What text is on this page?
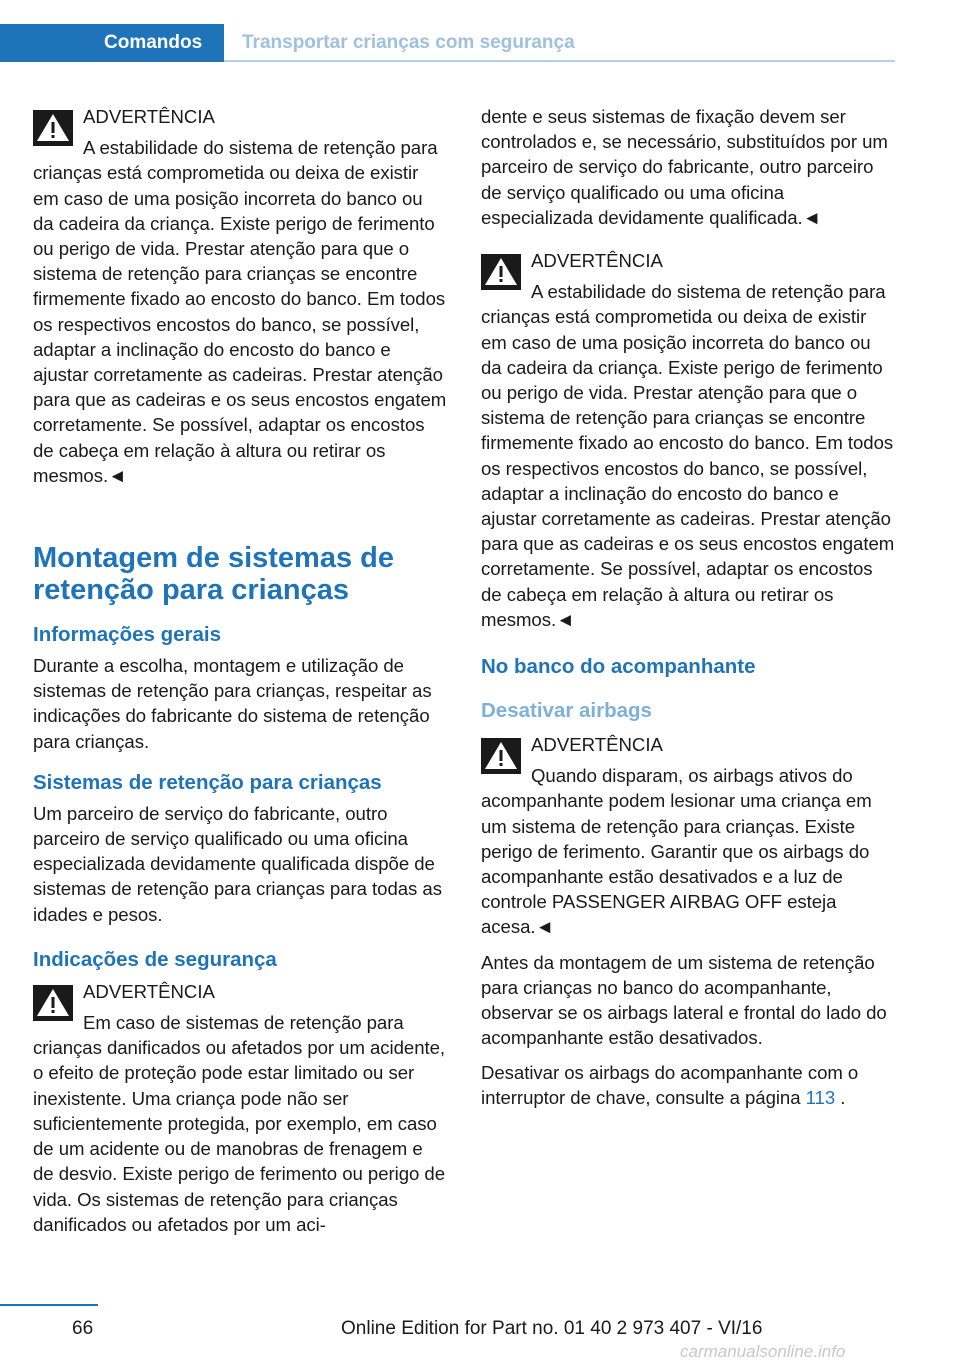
Comandos Transportar crianças com segurança
ADVERTÊNCIA

A estabilidade do sistema de retenção para crianças está comprometida ou deixa de existir em caso de uma posição incorreta do banco ou da cadeira da criança. Existe perigo de ferimento ou perigo de vida. Prestar atenção para que o sistema de retenção para crianças se encontre firmemente fixado ao encosto do banco. Em todos os respectivos encostos do banco, se possível, adaptar a inclinação do encosto do banco e ajustar corretamente as cadeiras. Prestar atenção para que as cadeiras e os seus encostos engatem corretamente. Se possível, adaptar os encostos de cabeça em relação à altura ou retirar os mesmos.◄

Montagem de sistemas de retenção para crianças
Informações gerais

Durante a escolha, montagem e utilização de sistemas de retenção para crianças, respeitar as indicações do fabricante do sistema de retenção para crianças.

Sistemas de retenção para crianças

Um parceiro de serviço do fabricante, outro parceiro de serviço qualificado ou uma oficina especializada devidamente qualificada dispõe de sistemas de retenção para crianças para todas as idades e pesos.

Indicações de segurança
ADVERTÊNCIA

Em caso de sistemas de retenção para crianças danificados ou afetados por um acidente, o efeito de proteção pode estar limitado ou ser inexistente. Uma criança pode não ser suficientemente protegida, por exemplo, em caso de um acidente ou de manobras de frenagem e de desvio. Existe perigo de ferimento ou perigo de vida. Os sistemas de retenção para crianças danificados ou afetados por um aci-

dente e seus sistemas de fixação devem ser controlados e, se necessário, substituídos por um parceiro de serviço do fabricante, outro parceiro de serviço qualificado ou uma oficina especializada devidamente qualificada.◄

ADVERTÊNCIA

A estabilidade do sistema de retenção para crianças está comprometida ou deixa de existir em caso de uma posição incorreta do banco ou da cadeira da criança. Existe perigo de ferimento ou perigo de vida. Prestar atenção para que o sistema de retenção para crianças se encontre firmemente fixado ao encosto do banco. Em todos os respectivos encostos do banco, se possível, adaptar a inclinação do encosto do banco e ajustar corretamente as cadeiras. Prestar atenção para que as cadeiras e os seus encostos engatem corretamente. Se possível, adaptar os encostos de cabeça em relação à altura ou retirar os mesmos.◄

No banco do acompanhante
Desativar airbags
ADVERTÊNCIA

Quando disparam, os airbags ativos do acompanhante podem lesionar uma criança em um sistema de retenção para crianças. Existe perigo de ferimento. Garantir que os airbags do acompanhante estão desativados e a luz de controle PASSENGER AIRBAG OFF esteja acesa.◄

Antes da montagem de um sistema de retenção para crianças no banco do acompanhante, observar se os airbags lateral e frontal do lado do acompanhante estão desativados.

Desativar os airbags do acompanhante com o interruptor de chave, consulte a página 113 .

66	Online Edition for Part no. 01 40 2 973 407 - VI/16
carmanualsonline.info
